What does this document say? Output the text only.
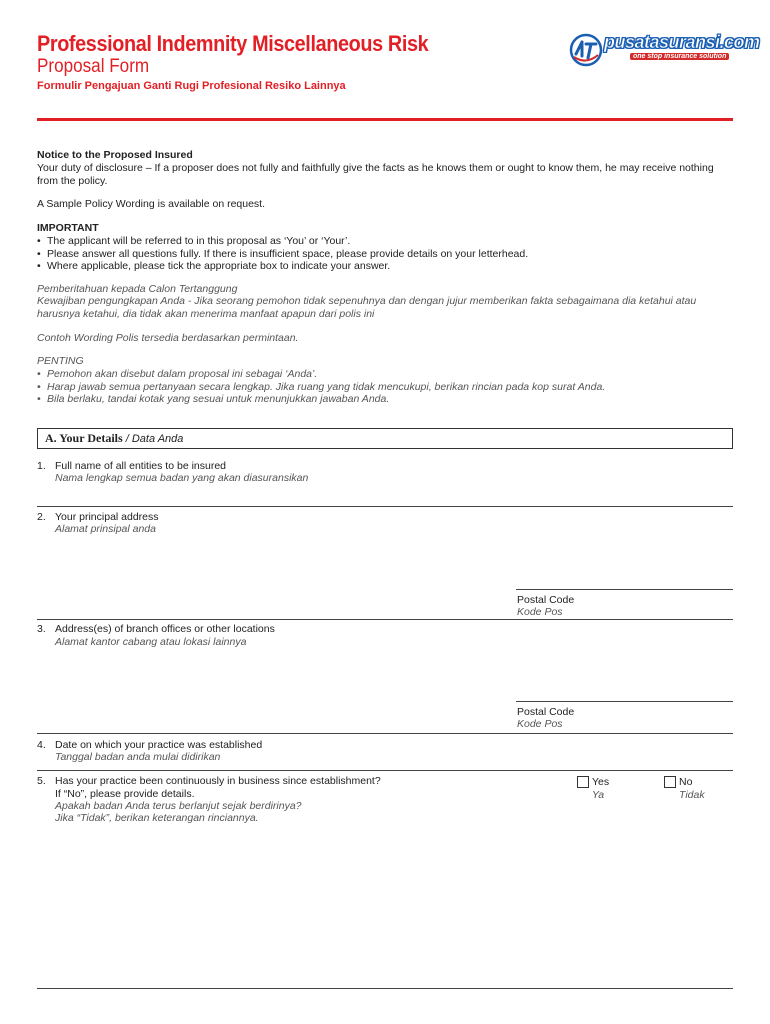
Professional Indemnity Miscellaneous Risk
Proposal Form
Formulir Pengajuan Ganti Rugi Profesional Resiko Lainnya
pusatasuransi.com
one stop insurance solution
Notice to the Proposed Insured
Your duty of disclosure – If a proposer does not fully and faithfully give the facts as he knows them or ought to know them, he may receive nothing from the policy.
A Sample Policy Wording is available on request.
IMPORTANT
• The applicant will be referred to in this proposal as ‘You’ or ‘Your’.
• Please answer all questions fully. If there is insufficient space, please provide details on your letterhead.
• Where applicable, please tick the appropriate box to indicate your answer.
Pemberitahuan kepada Calon Tertanggung
Kewajiban pengungkapan Anda - Jika seorang pemohon tidak sepenuhnya dan dengan jujur memberikan fakta sebagaimana dia ketahui atau harusnya ketahui, dia tidak akan menerima manfaat apapun dari polis ini
Contoh Wording Polis tersedia berdasarkan permintaan.
PENTING
• Pemohon akan disebut dalam proposal ini sebagai ‘Anda’.
• Harap jawab semua pertanyaan secara lengkap. Jika ruang yang tidak mencukupi, berikan rincian pada kop surat Anda.
• Bila berlaku, tandai kotak yang sesuai untuk menunjukkan jawaban Anda.
A. Your Details / Data Anda
1. Full name of all entities to be insured
Nama lengkap semua badan yang akan diasuransikan
2. Your principal address
Alamat prinsipal anda
Postal Code
Kode Pos
3. Address(es) of branch offices or other locations
Alamat kantor cabang atau lokasi lainnya
Postal Code
Kode Pos
4. Date on which your practice was established
Tanggal badan anda mulai didirikan
5. Has your practice been continuously in business since establishment?
If “No”, please provide details.
Apakah badan Anda terus berlanjut sejak berdirinya?
Jika “Tidak”, berikan keterangan rinciannya.
Yes
Ya
No
Tidak
